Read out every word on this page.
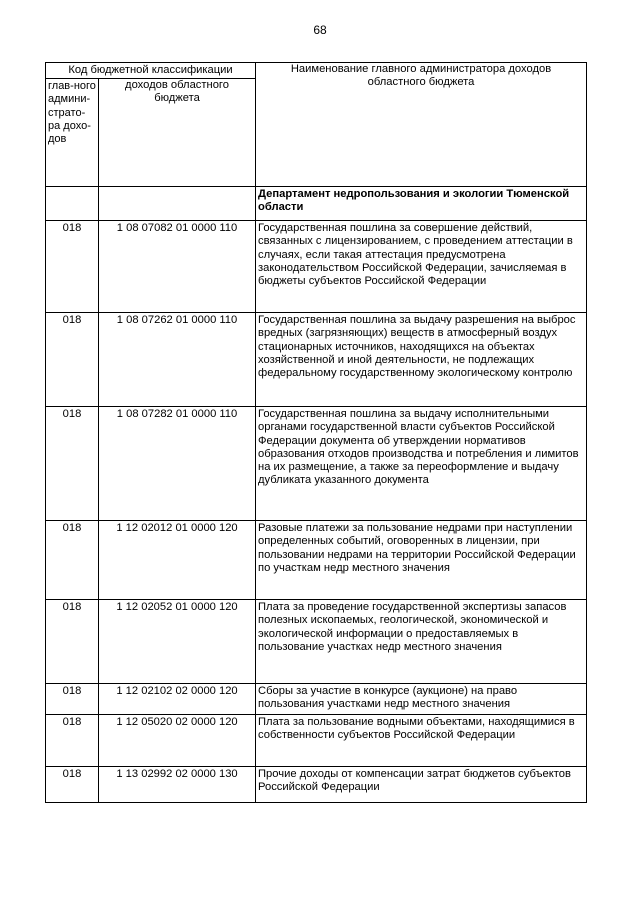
68
Код бюджетной классификации		Наименование главного администратора доходов областного бюджета
глав-ного админи-страто-ра дохо-дов	доходов областного бюджета	
		Департамент недропользования и экологии Тюменской области
018	1 08 07082 01 0000 110	Государственная пошлина за совершение действий, связанных с лицензированием, с проведением аттестации в случаях, если такая аттестация предусмотрена законодательством Российской Федерации, зачисляемая в бюджеты субъектов Российской Федерации
018	1 08 07262 01 0000 110	Государственная пошлина за выдачу разрешения на выброс вредных (загрязняющих) веществ в атмосферный воздух стационарных источников, находящихся на объектах хозяйственной и иной деятельности, не подлежащих федеральному государственному экологическому контролю
018	1 08 07282 01 0000 110	Государственная пошлина за выдачу исполнительными органами государственной власти субъектов Российской Федерации документа об утверждении нормативов образования отходов производства и потребления и лимитов на их размещение, а также за переоформление и выдачу дубликата указанного документа
018	1 12 02012 01 0000 120	Разовые платежи за пользование недрами при наступлении определенных событий, оговоренных в лицензии, при пользовании недрами на территории Российской Федерации по участкам недр местного значения
018	1 12 02052 01 0000 120	Плата за проведение государственной экспертизы запасов полезных ископаемых, геологической, экономической и экологической информации о предоставляемых в пользование участках недр местного значения
018	1 12 02102 02 0000 120	Сборы за участие в конкурсе (аукционе) на право пользования участками недр местного значения
018	1 12 05020 02 0000 120	Плата за пользование водными объектами, находящимися в собственности субъектов Российской Федерации
018	1 13 02992 02 0000 130	Прочие доходы от компенсации затрат бюджетов субъектов Российской Федерации
